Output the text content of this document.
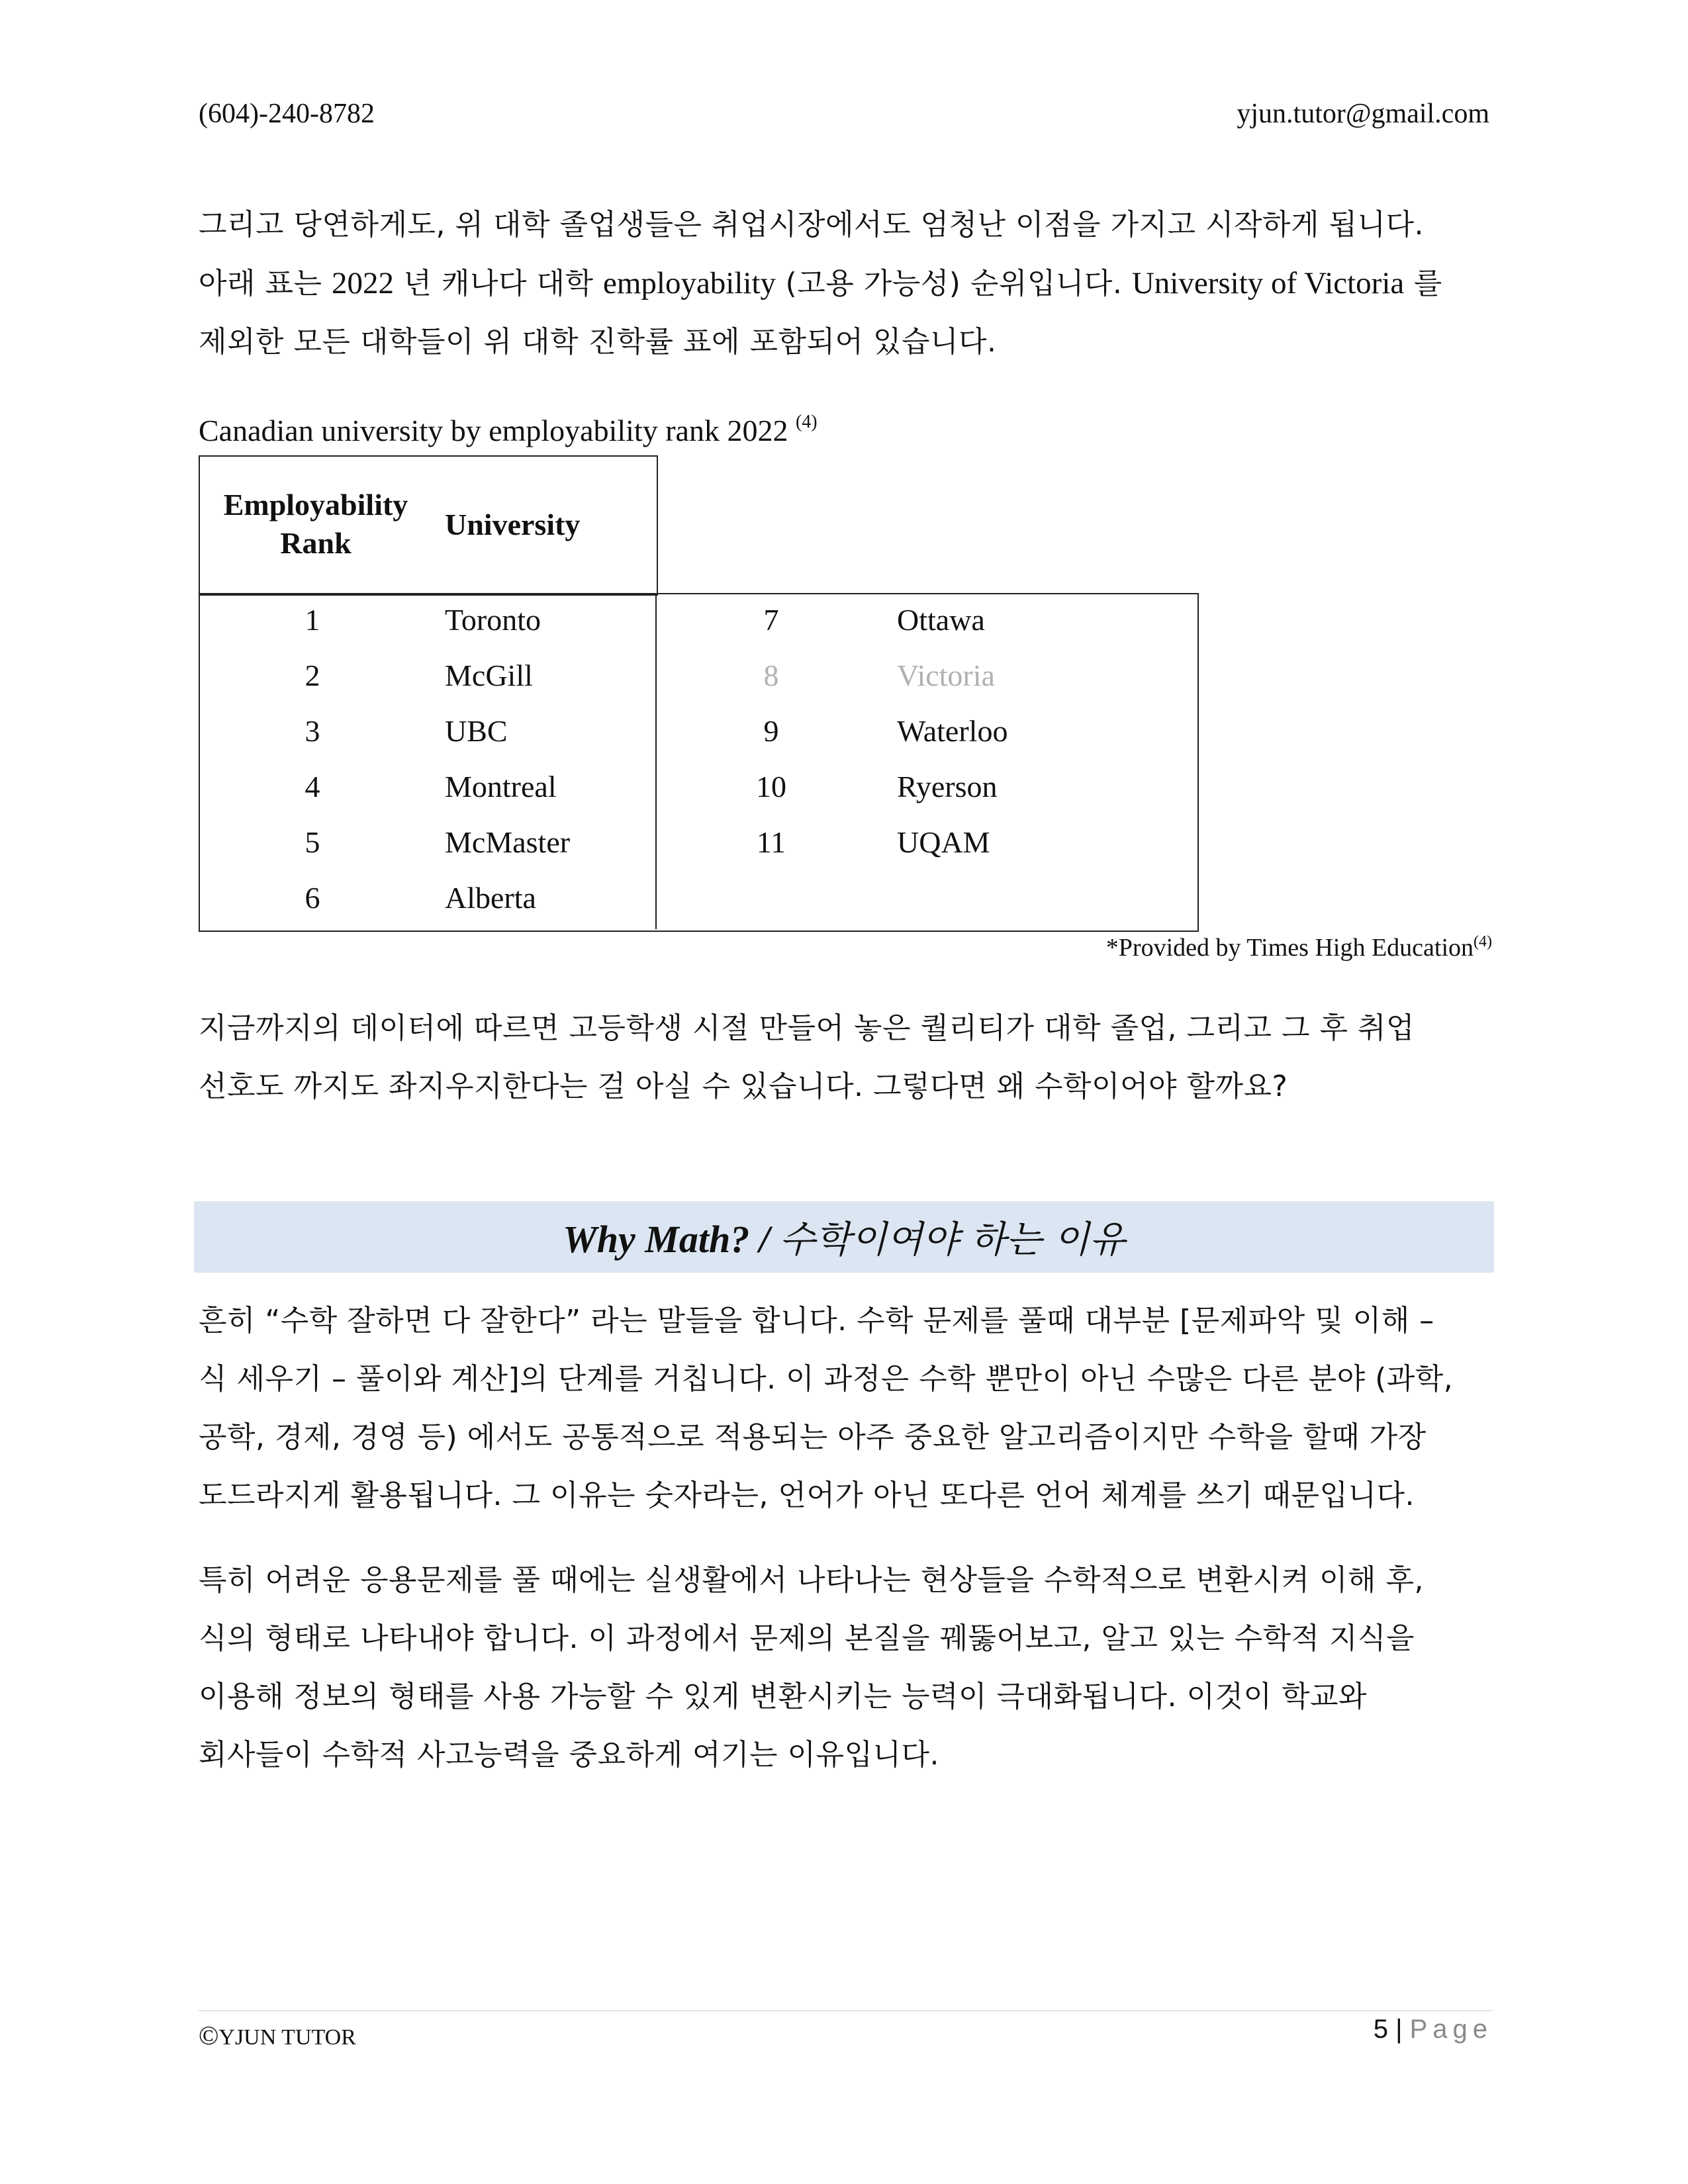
(604)-240-8782	yjun.tutor@gmail.com
그리고 당연하게도, 위 대학 졸업생들은 취업시장에서도 엄청난 이점을 가지고 시작하게 됩니다.
아래 표는 2022 년 캐나다 대학 employability (고용 가능성) 순위입니다. University of Victoria 를
제외한 모든 대학들이 위 대학 진학률 표에 포함되어 있습니다.
Canadian university by employability rank 2022 $^{(4)}$
Employability
Rank
University
1	Toronto
2	McGill
3	UBC
4	Montreal
5	McMaster
6	Alberta
7	Ottawa
8	Victoria
9	Waterloo
10	Ryerson
11	UQAM
*Provided by Times High Education$^{(4)}$
지금까지의 데이터에 따르면 고등학생 시절 만들어 놓은 퀄리티가 대학 졸업, 그리고 그 후 취업
선호도 까지도 좌지우지한다는 걸 아실 수 있습니다. 그렇다면 왜 수학이어야 할까요?
Why Math? / 수학이여야 하는 이유
흔히 “수학 잘하면 다 잘한다” 라는 말들을 합니다. 수학 문제를 풀때 대부분 [문제파악 및 이해 –
식 세우기 – 풀이와 계산]의 단계를 거칩니다. 이 과정은 수학 뿐만이 아닌 수많은 다른 분야 (과학,
공학, 경제, 경영 등) 에서도 공통적으로 적용되는 아주 중요한 알고리즘이지만 수학을 할때 가장
도드라지게 활용됩니다. 그 이유는 숫자라는, 언어가 아닌 또다른 언어 체계를 쓰기 때문입니다.
특히 어려운 응용문제를 풀 때에는 실생활에서 나타나는 현상들을 수학적으로 변환시켜 이해 후,
식의 형태로 나타내야 합니다. 이 과정에서 문제의 본질을 꿰뚫어보고, 알고 있는 수학적 지식을
이용해 정보의 형태를 사용 가능할 수 있게 변환시키는 능력이 극대화됩니다. 이것이 학교와
회사들이 수학적 사고능력을 중요하게 여기는 이유입니다.
©YJUN TUTOR	5 | Page
